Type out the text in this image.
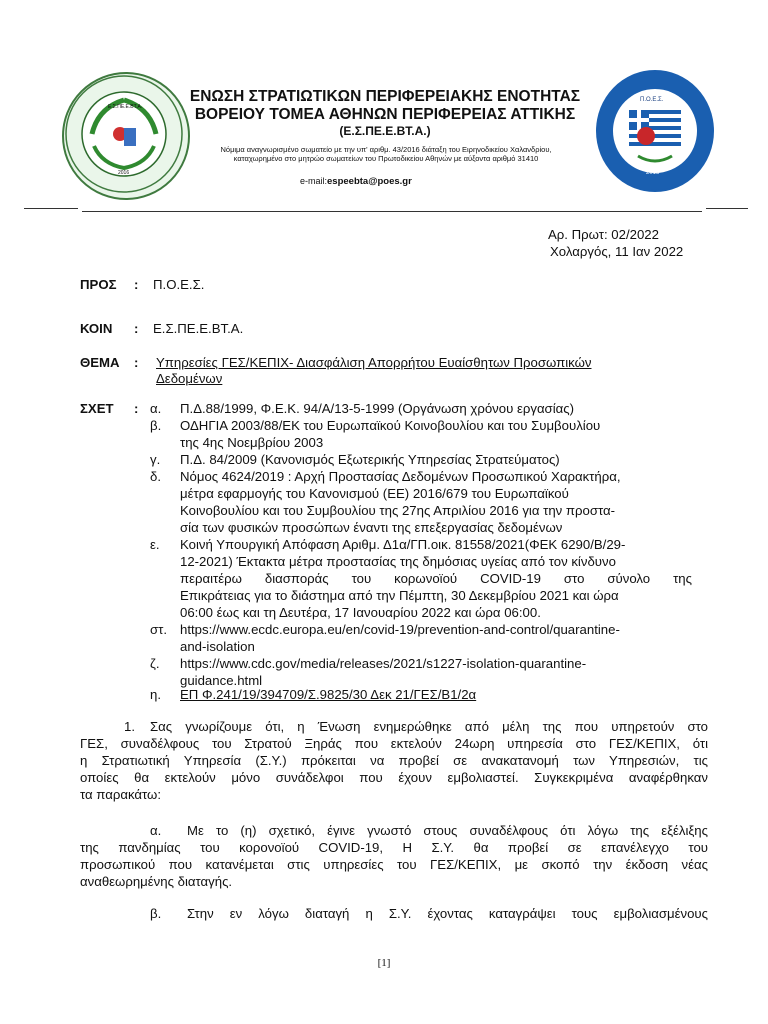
Ε.Σ.ΠΕ.Ε.ΒΤ.Α.
2016
Π.Ο.Ε.Σ.
2013
ΕΝΩΣΗ ΣΤΡΑΤΙΩΤΙΚΩΝ ΠΕΡΙΦΕΡΕΙΑΚΗΣ ΕΝΟΤΗΤΑΣ
ΒΟΡΕΙΟΥ ΤΟΜΕΑ ΑΘΗΝΩΝ ΠΕΡΙΦΕΡΕΙΑΣ ΑΤΤΙΚΗΣ
(Ε.Σ.ΠΕ.Ε.ΒΤ.Α.)
Νόμιμα αναγνωρισμένο σωματείο με την υπ' αριθμ. 43/2016 διάταξη του Ειρηνοδικείου Χαλανδρίου,
καταχωρημένο στο μητρώο σωματείων του Πρωτοδικείου Αθηνών με αύξοντα αριθμό 31410
e-mail:espeebta@poes.gr
Αρ. Πρωτ: 02/2022
Χολαργός, 11 Ιαν 2022
ΠΡΟΣ : Π.Ο.Ε.Σ.
ΚΟΙΝ : Ε.Σ.ΠΕ.Ε.ΒΤ.Α.
ΘΕΜΑ : Υπηρεσίες ΓΕΣ/ΚΕΠΙΧ- Διασφάλιση Απορρήτου Ευαίσθητων Προσωπικών
Δεδομένων
ΣΧΕΤ : α. Π.Δ.88/1999, Φ.Ε.Κ. 94/Α/13-5-1999 (Οργάνωση χρόνου εργασίας)
β. ΟΔΗΓΙΑ 2003/88/ΕΚ του Ευρωπαϊκού Κοινοβουλίου και του Συμβουλίου
της 4ης Νοεμβρίου 2003
γ. Π.Δ. 84/2009 (Κανονισμός Εξωτερικής Υπηρεσίας Στρατεύματος)
δ. Νόμος 4624/2019 : Αρχή Προστασίας Δεδομένων Προσωπικού Χαρακτήρα,
μέτρα εφαρμογής του Κανονισμού (ΕΕ) 2016/679 του Ευρωπαϊκού
Κοινοβουλίου και του Συμβουλίου της 27ης Απριλίου 2016 για την προστα-
σία των φυσικών προσώπων έναντι της επεξεργασίας δεδομένων
ε. Κοινή Υπουργική Απόφαση Αριθμ. Δ1α/ΓΠ.οικ. 81558/2021(ΦΕΚ 6290/Β/29-
12-2021) Έκτακτα μέτρα προστασίας της δημόσιας υγείας από τον κίνδυνο
περαιτέρω διασποράς του κορωνοϊού COVID-19 στο σύνολο της
Επικράτειας για το διάστημα από την Πέμπτη, 30 Δεκεμβρίου 2021 και ώρα
06:00 έως και τη Δευτέρα, 17 Ιανουαρίου 2022 και ώρα 06:00.
στ. https://www.ecdc.europa.eu/en/covid-19/prevention-and-control/quarantine-
and-isolation
ζ. https://www.cdc.gov/media/releases/2021/s1227-isolation-quarantine-
guidance.html
η. ΕΠ Φ.241/19/394709/Σ.9825/30 Δεκ 21/ΓΕΣ/Β1/2α
1. Σας γνωρίζουμε ότι, η Ένωση ενημερώθηκε από μέλη της που υπηρετούν στο
ΓΕΣ, συναδέλφους του Στρατού Ξηράς που εκτελούν 24ωρη υπηρεσία στο ΓΕΣ/ΚΕΠΙΧ, ότι
η Στρατιωτική Υπηρεσία (Σ.Υ.) πρόκειται να προβεί σε ανακατανομή των Υπηρεσιών, τις
οποίες θα εκτελούν μόνο συνάδελφοι που έχουν εμβολιαστεί. Συγκεκριμένα αναφέρθηκαν
τα παρακάτω:
α. Με το (η) σχετικό, έγινε γνωστό στους συναδέλφους ότι λόγω της εξέλιξης
της πανδημίας του κορονοϊού COVID-19, Η Σ.Υ. θα προβεί σε επανέλεγχο του
προσωπικού που κατανέμεται στις υπηρεσίες του ΓΕΣ/ΚΕΠΙΧ, με σκοπό την έκδοση νέας
αναθεωρημένης διαταγής.
β. Στην εν λόγω διαταγή η Σ.Υ. έχοντας καταγράψει τους εμβολιασμένους
[1]
